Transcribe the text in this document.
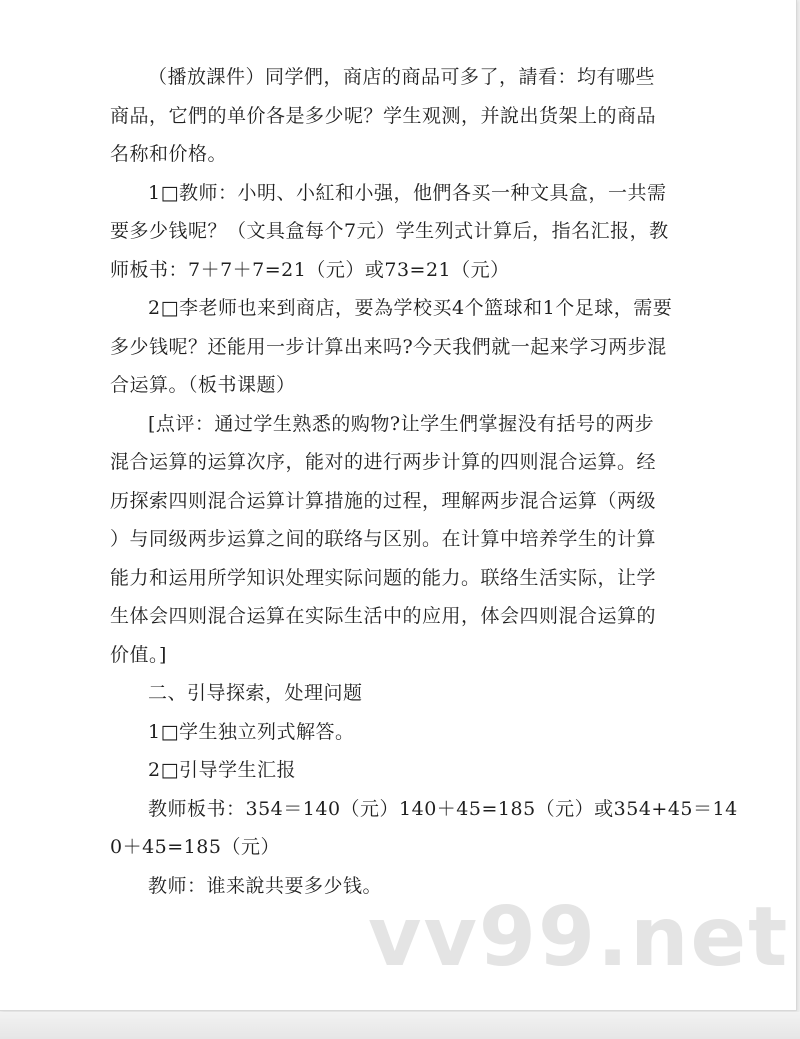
（播放課件）同学們，商店的商品可多了，請看：均有哪些
商品，它們的单价各是多少呢？学生观测，并說出货架上的商品
名称和价格。
1□教师：小明、小紅和小强，他們各买一种文具盒，一共需
要多少钱呢？（文具盒每个7元）学生列式计算后，指名汇报，教
师板书：7＋7＋7=21（元）或73=21（元）
2□李老师也来到商店，要為学校买4个篮球和1个足球，需要
多少钱呢？还能用一步计算出来吗?今天我們就一起来学习两步混
合运算。（板书课题）
[点评：通过学生熟悉的购物?让学生們掌握没有括号的两步
混合运算的运算次序，能对的进行两步计算的四则混合运算。经
历探索四则混合运算计算措施的过程，理解两步混合运算（两级
）与同级两步运算之间的联络与区别。在计算中培养学生的计算
能力和运用所学知识处理实际问题的能力。联络生活实际，让学
生体会四则混合运算在实际生活中的应用，体会四则混合运算的
价值。]
二、引导探索，处理问题
1□学生独立列式解答。
2□引导学生汇报
教师板书：354＝140（元）140＋45=185（元）或354+45＝14
0＋45=185（元）
教师：谁来說共要多少钱。
vv99.net
